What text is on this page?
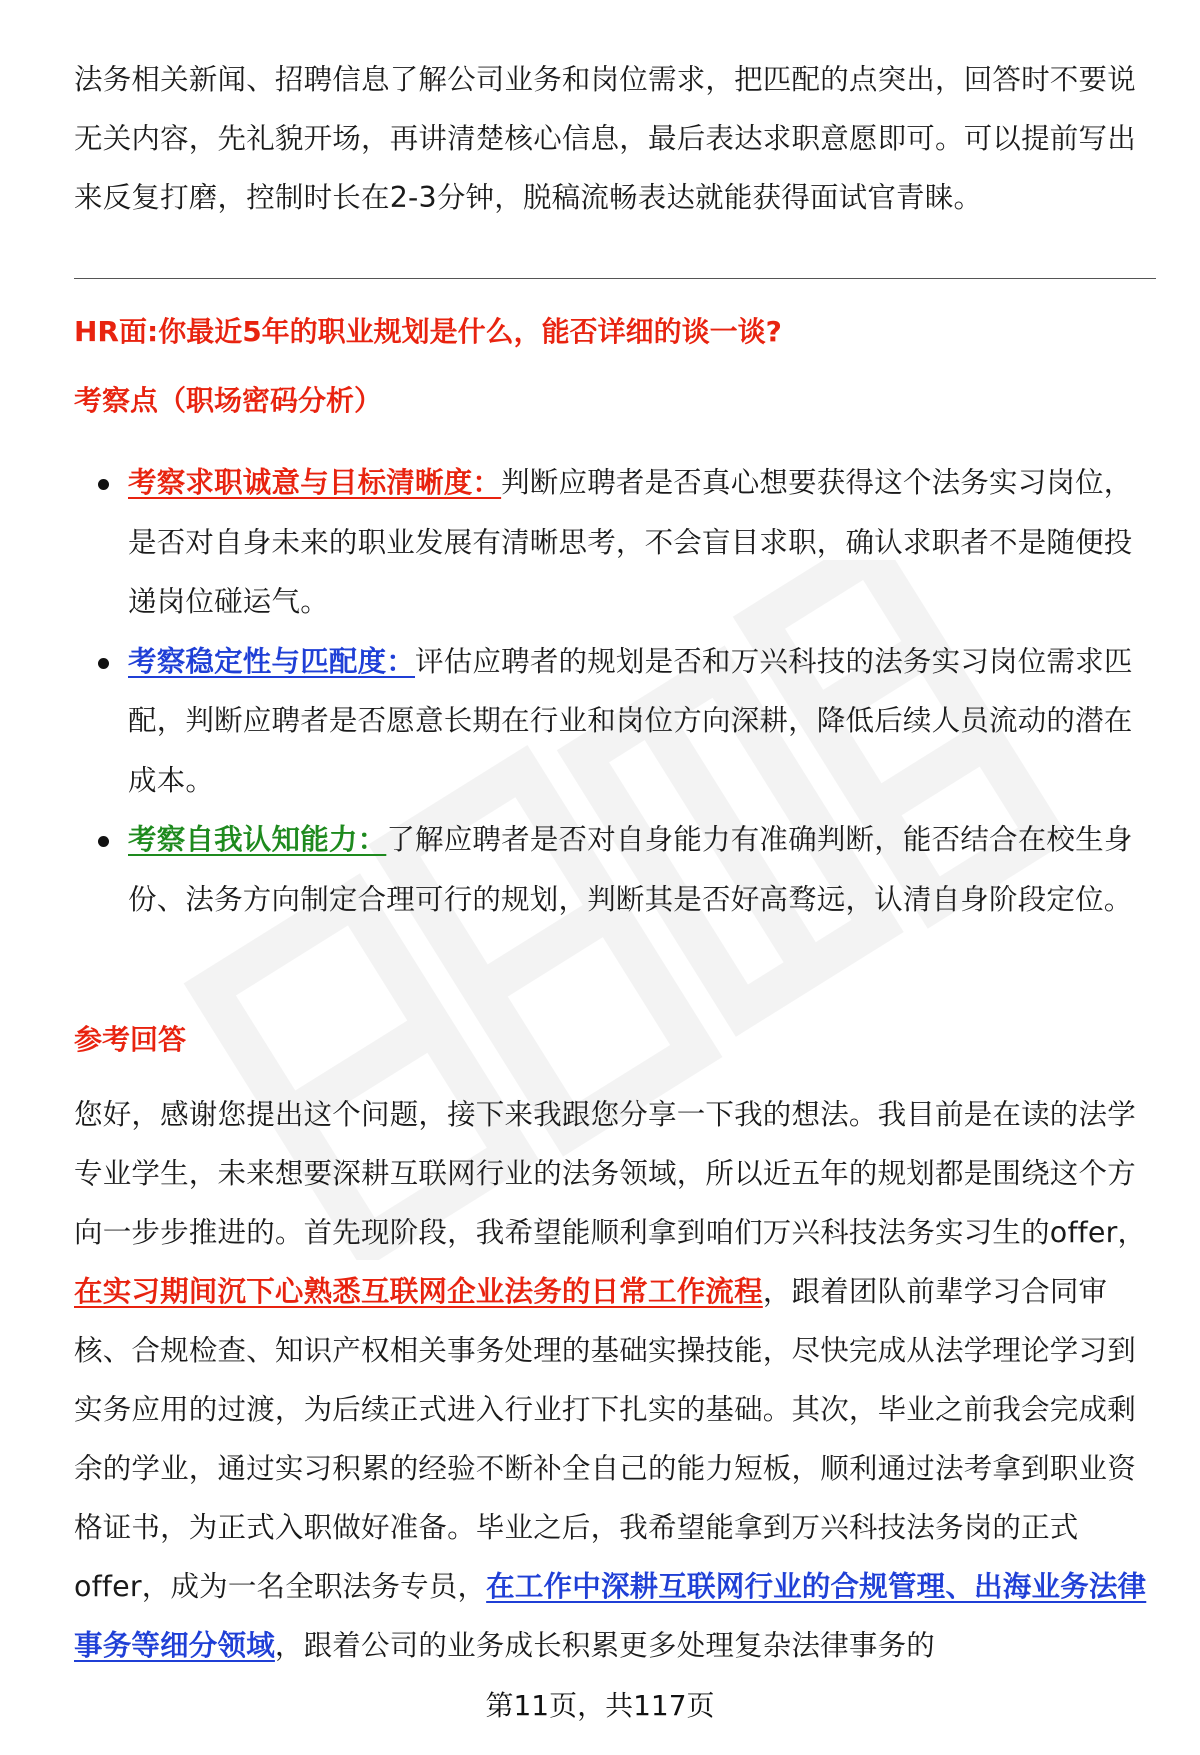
法务相关新闻、招聘信息了解公司业务和岗位需求，把匹配的点突出，回答时不要说无关内容，先礼貌开场，再讲清楚核心信息，最后表达求职意愿即可。可以提前写出来反复打磨，控制时长在2-3分钟，脱稿流畅表达就能获得面试官青睐。

HR面:你最近5年的职业规划是什么，能否详细的谈一谈?
考察点（职场密码分析）
考察求职诚意与目标清晰度：判断应聘者是否真心想要获得这个法务实习岗位，是否对自身未来的职业发展有清晰思考，不会盲目求职，确认求职者不是随便投递岗位碰运气。
考察稳定性与匹配度：评估应聘者的规划是否和万兴科技的法务实习岗位需求匹配，判断应聘者是否愿意长期在行业和岗位方向深耕，降低后续人员流动的潜在成本。
考察自我认知能力：了解应聘者是否对自身能力有准确判断，能否结合在校生身份、法务方向制定合理可行的规划，判断其是否好高骛远，认清自身阶段定位。
参考回答

您好，感谢您提出这个问题，接下来我跟您分享一下我的想法。我目前是在读的法学专业学生，未来想要深耕互联网行业的法务领域，所以近五年的规划都是围绕这个方向一步步推进的。首先现阶段，我希望能顺利拿到咱们万兴科技法务实习生的offer，在实习期间沉下心熟悉互联网企业法务的日常工作流程，跟着团队前辈学习合同审核、合规检查、知识产权相关事务处理的基础实操技能，尽快完成从法学理论学习到实务应用的过渡，为后续正式进入行业打下扎实的基础。其次，毕业之前我会完成剩余的学业，通过实习积累的经验不断补全自己的能力短板，顺利通过法考拿到职业资格证书，为正式入职做好准备。毕业之后，我希望能拿到万兴科技法务岗的正式offer，成为一名全职法务专员，在工作中深耕互联网行业的合规管理、出海业务法律事务等细分领域，跟着公司的业务成长积累更多处理复杂法律事务的

第11页，共117页
